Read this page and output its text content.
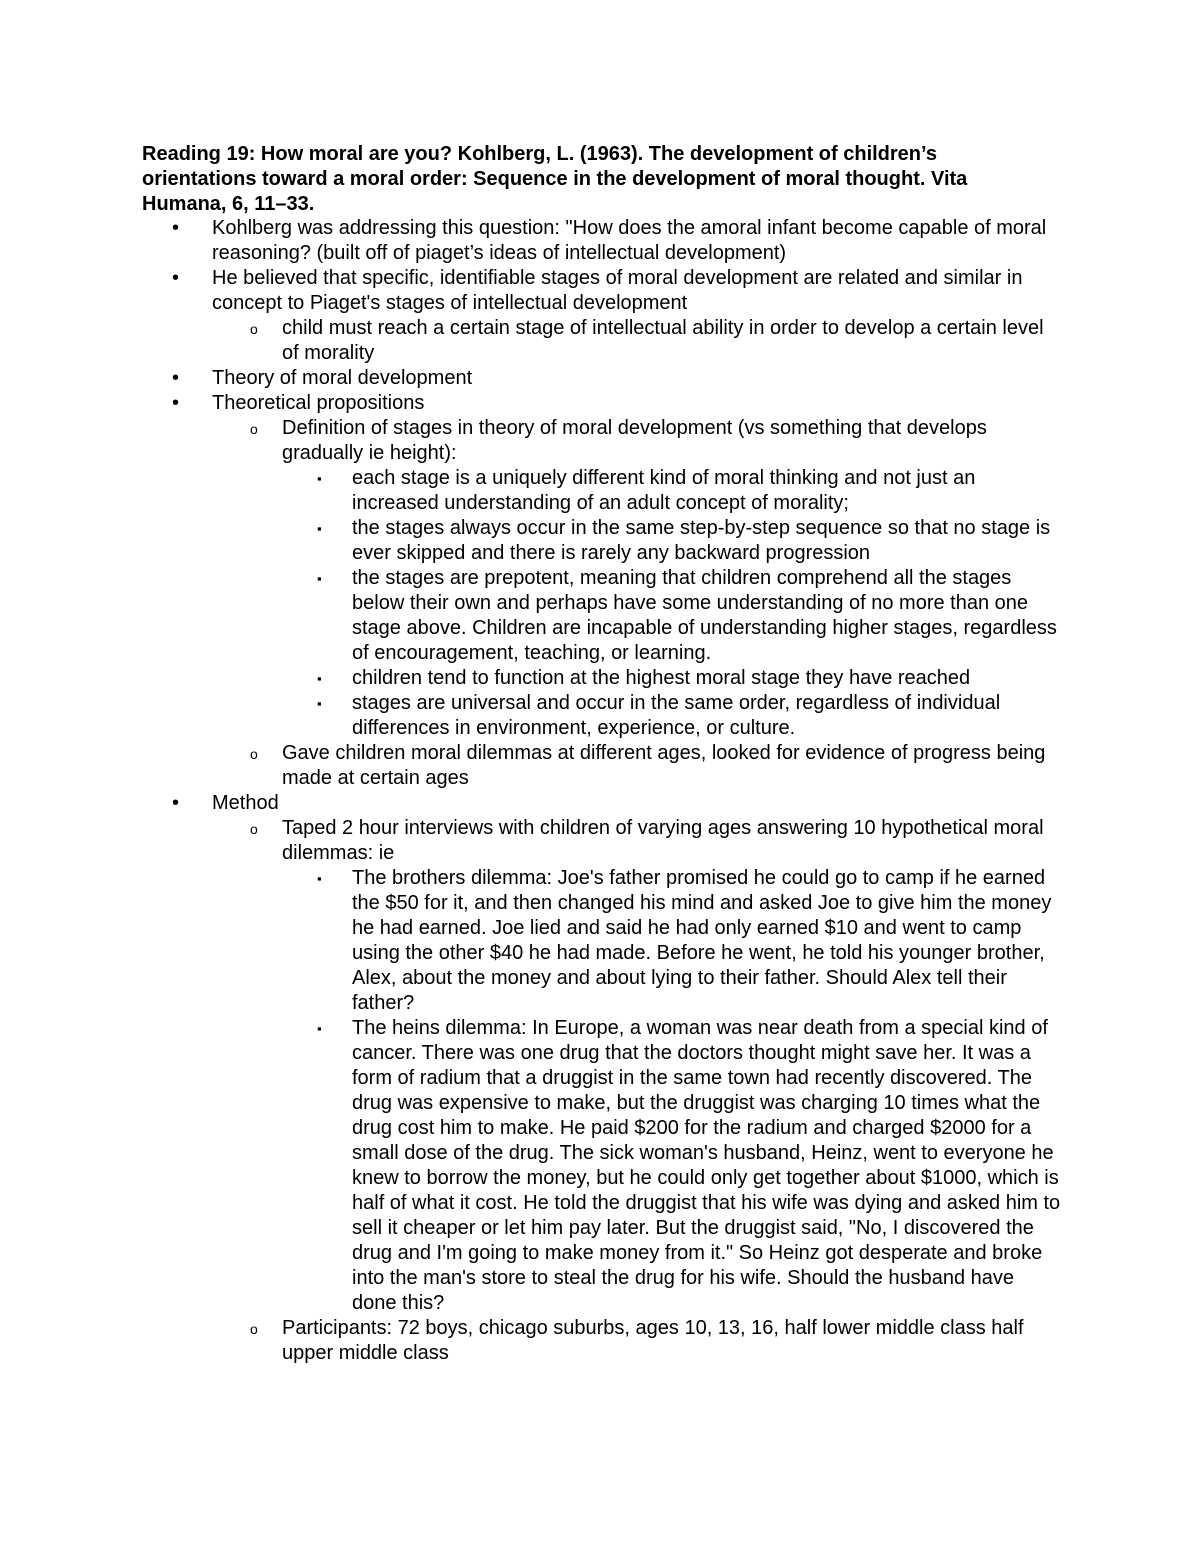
Reading 19: How moral are you? Kohlberg, L. (1963). The development of children’s orientations toward a moral order: Sequence in the development of moral thought. Vita Humana, 6, 11–33.

• Kohlberg was addressing this question: "How does the amoral infant become capable of moral reasoning? (built off of piaget’s ideas of intellectual development)
• He believed that specific, identifiable stages of moral development are related and similar in concept to Piaget's stages of intellectual development
o child must reach a certain stage of intellectual ability in order to develop a certain level of morality
• Theory of moral development
• Theoretical propositions
o Definition of stages in theory of moral development (vs something that develops gradually ie height):
▪ each stage is a uniquely different kind of moral thinking and not just an increased understanding of an adult concept of morality;
▪ the stages always occur in the same step-by-step sequence so that no stage is ever skipped and there is rarely any backward progression
▪ the stages are prepotent, meaning that children comprehend all the stages below their own and perhaps have some understanding of no more than one stage above. Children are incapable of understanding higher stages, regardless of encouragement, teaching, or learning.
▪ children tend to function at the highest moral stage they have reached
▪ stages are universal and occur in the same order, regardless of individual differences in environment, experience, or culture.
o Gave children moral dilemmas at different ages, looked for evidence of progress being made at certain ages
• Method
o Taped 2 hour interviews with children of varying ages answering 10 hypothetical moral dilemmas: ie
▪ The brothers dilemma: Joe's father promised he could go to camp if he earned the $50 for it, and then changed his mind and asked Joe to give him the money he had earned. Joe lied and said he had only earned $10 and went to camp using the other $40 he had made. Before he went, he told his younger brother, Alex, about the money and about lying to their father. Should Alex tell their father?
▪ The heins dilemma: In Europe, a woman was near death from a special kind of cancer. There was one drug that the doctors thought might save her. It was a form of radium that a druggist in the same town had recently discovered. The drug was expensive to make, but the druggist was charging 10 times what the drug cost him to make. He paid $200 for the radium and charged $2000 for a small dose of the drug. The sick woman's husband, Heinz, went to everyone he knew to borrow the money, but he could only get together about $1000, which is half of what it cost. He told the druggist that his wife was dying and asked him to sell it cheaper or let him pay later. But the druggist said, "No, I discovered the drug and I'm going to make money from it." So Heinz got desperate and broke into the man's store to steal the drug for his wife. Should the husband have done this?
o Participants: 72 boys, chicago suburbs, ages 10, 13, 16, half lower middle class half upper middle class
